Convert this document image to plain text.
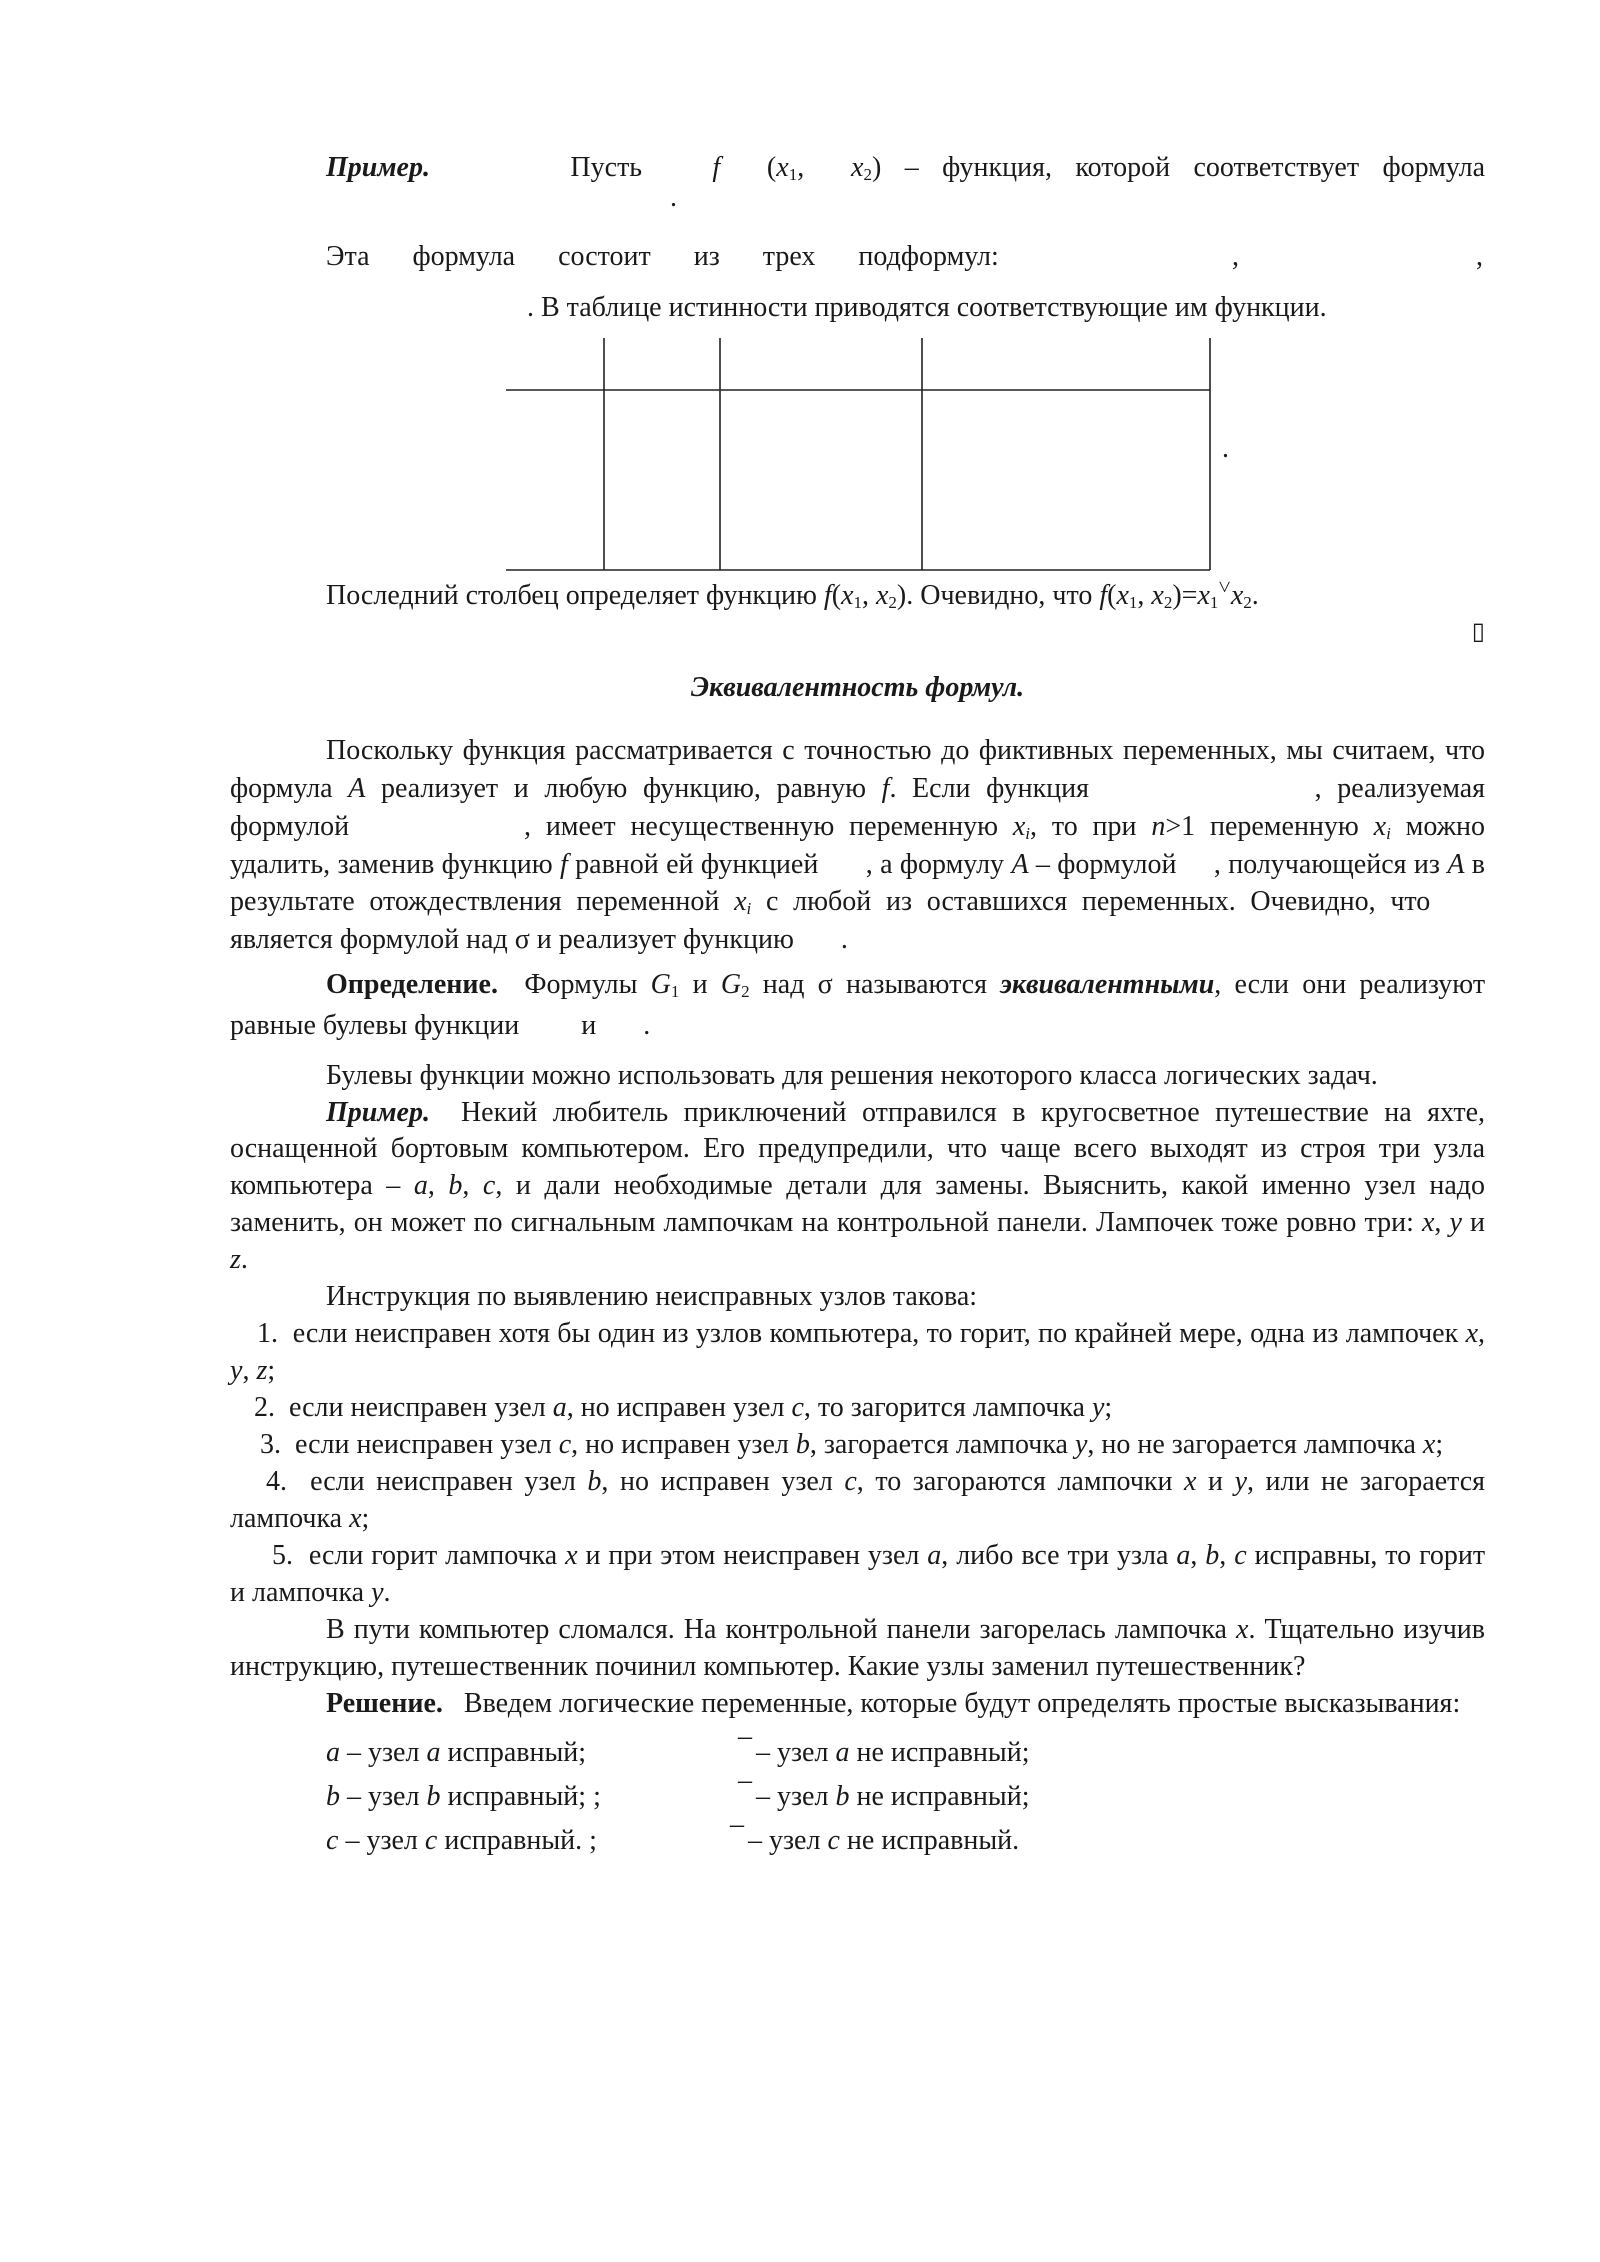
Пример.	Пусть	f ($x_1$, $x_2$) – функция, которой соответствует формула

.

Эта формула состоит из трех подформул:	,	,

. В таблице истинности приводятся соответствующие им функции.

.

Последний столбец определяет функцию $f(x_1$, $x_2$). Очевидно, что $f(x_1$, $x_2)=x_1^˅x_2$.

▯

Эквивалентность формул.

Поскольку функция рассматривается с точностью до фиктивных переменных, мы считаем, что формула A реализует и любую функцию, равную f. Если функция	, реализуемая формулой	, имеет несущественную переменную $x_i$, то при n>1 переменную $x_i$ можно удалить, заменив функцию f равной ей функцией , а формулу A – формулой , получающейся из A в результате отождествления переменной $x_i$ с любой из оставшихся переменных. Очевидно, что  является формулой над σ и реализует функцию .

Определение. Формулы $G_1$ и $G_2$ над σ называются эквивалентными, если они реализуют равные булевы функции и .

Булевы функции можно использовать для решения некоторого класса логических задач.

Пример. Некий любитель приключений отправился в кругосветное путешествие на яхте, оснащенной бортовым компьютером. Его предупредили, что чаще всего выходят из строя три узла компьютера – a, b, c, и дали необходимые детали для замены. Выяснить, какой именно узел надо заменить, он может по сигнальным лампочкам на контрольной панели. Лампочек тоже ровно три: x, y и z.

Инструкция по выявлению неисправных узлов такова:

1. если неисправен хотя бы один из узлов компьютера, то горит, по крайней мере, одна из лампочек x, y, z;

2. если неисправен узел a, но исправен узел c, то загорится лампочка y;

3. если неисправен узел c, но исправен узел b, загорается лампочка y, но не загорается лампочка x;

4. если неисправен узел b, но исправен узел c, то загораются лампочки x и y, или не загорается лампочка x;

5. если горит лампочка x и при этом неисправен узел a, либо все три узла a, b, c исправны, то горит и лампочка y.

В пути компьютер сломался. На контрольной панели загорелась лампочка x. Тщательно изучив инструкцию, путешественник починил компьютер. Какие узлы заменил путешественник?

Решение. Введем логические переменные, которые будут определять простые высказывания:

a – узел a исправный;
–
– узел a не исправный;
b – узел b исправный; ;
–
– узел b не исправный;
c – узел c исправный. ;
–
– узел c не исправный.
